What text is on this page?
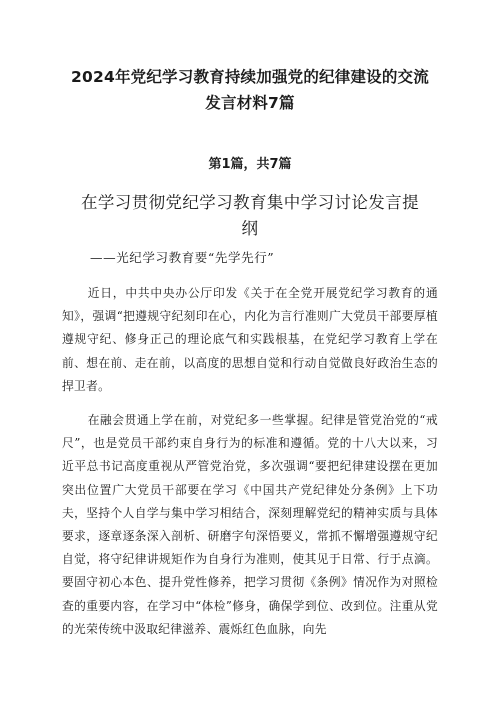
2024年党纪学习教育持续加强党的纪律建设的交流
发言材料7篇
第1篇，共7篇
在学习贯彻党纪学习教育集中学习讨论发言提
纲
——光纪学习教育要“先学先行”

近日，中共中央办公厅印发《关于在全党开展党纪学习教育的通知》，强调“把遵规守纪刻印在心，内化为言行准则广大党员干部要厚植遵规守纪、修身正己的理论底气和实践根基，在党纪学习教育上学在前、想在前、走在前，以高度的思想自觉和行动自觉做良好政治生态的捍卫者。

在融会贯通上学在前，对党纪多一些掌握。纪律是管党治党的“戒尺”，也是党员干部约束自身行为的标准和遵循。党的十八大以来，习近平总书记高度重视从严管党治党，多次强调“要把纪律建设摆在更加突出位置广大党员干部要在学习《中国共产党纪律处分条例》上下功夫，坚持个人自学与集中学习相结合，深刻理解党纪的精神实质与具体要求，逐章逐条深入剖析、研磨字句深悟要义，常抓不懈增强遵规守纪自觉，将守纪律讲规矩作为自身行为准则，使其见于日常、行于点滴。要固守初心本色、提升党性修养，把学习贯彻《条例》情况作为对照检查的重要内容，在学习中“体检”修身，确保学到位、改到位。注重从党的光荣传统中汲取纪律滋养、震烁红色血脉，向先
